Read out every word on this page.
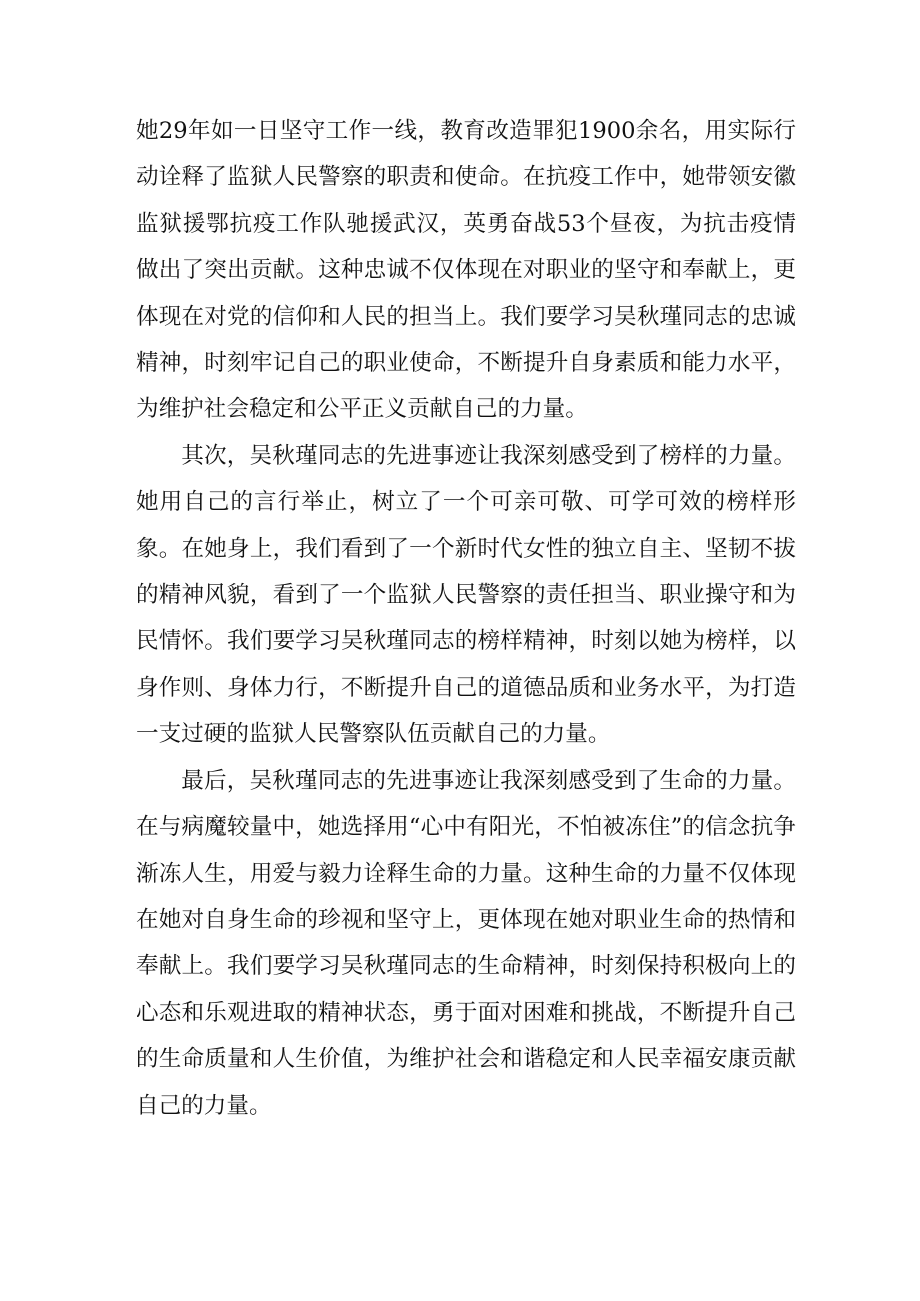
她29年如一日坚守工作一线，教育改造罪犯1900余名，用实际行动诠释了监狱人民警察的职责和使命。在抗疫工作中，她带领安徽监狱援鄂抗疫工作队驰援武汉，英勇奋战53个昼夜，为抗击疫情做出了突出贡献。这种忠诚不仅体现在对职业的坚守和奉献上，更体现在对党的信仰和人民的担当上。我们要学习吴秋瑾同志的忠诚精神，时刻牢记自己的职业使命，不断提升自身素质和能力水平，为维护社会稳定和公平正义贡献自己的力量。

其次，吴秋瑾同志的先进事迹让我深刻感受到了榜样的力量。她用自己的言行举止，树立了一个可亲可敬、可学可效的榜样形象。在她身上，我们看到了一个新时代女性的独立自主、坚韧不拔的精神风貌，看到了一个监狱人民警察的责任担当、职业操守和为民情怀。我们要学习吴秋瑾同志的榜样精神，时刻以她为榜样，以身作则、身体力行，不断提升自己的道德品质和业务水平，为打造一支过硬的监狱人民警察队伍贡献自己的力量。

最后，吴秋瑾同志的先进事迹让我深刻感受到了生命的力量。在与病魔较量中，她选择用“心中有阳光，不怕被冻住”的信念抗争渐冻人生，用爱与毅力诠释生命的力量。这种生命的力量不仅体现在她对自身生命的珍视和坚守上，更体现在她对职业生命的热情和奉献上。我们要学习吴秋瑾同志的生命精神，时刻保持积极向上的心态和乐观进取的精神状态，勇于面对困难和挑战，不断提升自己的生命质量和人生价值，为维护社会和谐稳定和人民幸福安康贡献自己的力量。
